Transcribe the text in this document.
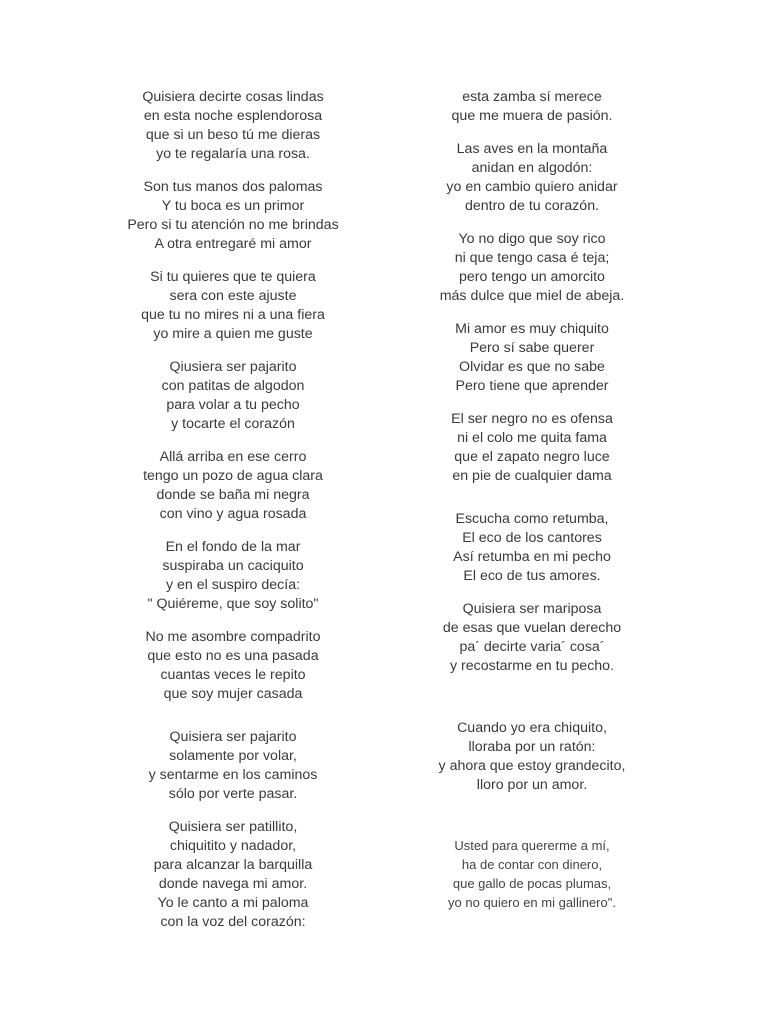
Quisiera decirte cosas lindas
en esta noche esplendorosa
que si un beso tú me dieras
yo te regalaría una rosa.

Son tus manos dos palomas
Y tu boca es un primor
Pero si tu atención no me brindas
A otra entregaré mi amor

Si tu quieres que te quiera
sera con este ajuste
que tu no mires ni a una fiera
yo mire a quien me guste

Qiusiera ser pajarito
con patitas de algodon
para volar a tu pecho
y tocarte el corazón

Allá arriba en ese cerro
tengo un pozo de agua clara
donde se baña mi negra
con vino y agua rosada

En el fondo de la mar
suspiraba un caciquito
y en el suspiro decía:
" Quiéreme, que soy solito"

No me asombre compadrito
que esto no es una pasada
cuantas veces le repito
que soy mujer casada

Quisiera ser pajarito
solamente por volar,
y sentarme en los caminos
sólo por verte pasar.

Quisiera ser patillito,
chiquitito y nadador,
para alcanzar la barquilla
donde navega mi amor.
Yo le canto a mi paloma
con la voz del corazón:

esta zamba sí merece
que me muera de pasión.

Las aves en la montaña
anidan en algodón:
yo en cambio quiero anidar
dentro de tu corazón.

Yo no digo que soy rico
ni que tengo casa é teja;
pero tengo un amorcito
más dulce que miel de abeja.

Mi amor es muy chiquito
Pero sí sabe querer
Olvidar es que no sabe
Pero tiene que aprender

El ser negro no es ofensa
ni el colo me quita fama
que el zapato negro luce
en pie de cualquier dama

Escucha como retumba,
El eco de los cantores
Así retumba en mi pecho
El eco de tus amores.

Quisiera ser mariposa
de esas que vuelan derecho
pa´ decirte varia´ cosa´
y recostarme en tu pecho.

Cuando yo era chiquito,
lloraba por un ratón:
y ahora que estoy grandecito,
lloro por un amor.

Usted para quererme a mí,
ha de contar con dinero,
que gallo de pocas plumas,
yo no quiero en mi gallinero".
